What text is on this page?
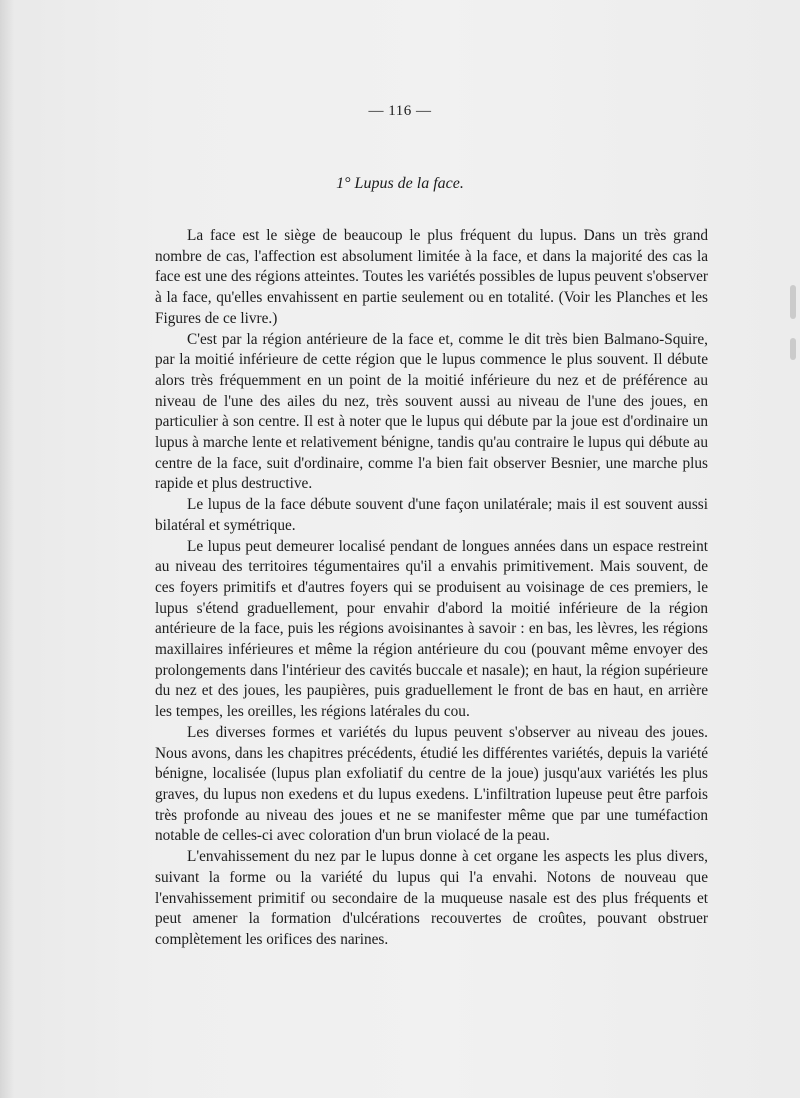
— 116 —
1° Lupus de la face.

La face est le siège de beaucoup le plus fréquent du lupus. Dans un très grand nombre de cas, l'affection est absolument limitée à la face, et dans la majorité des cas la face est une des régions atteintes. Toutes les variétés possibles de lupus peuvent s'observer à la face, qu'elles envahissent en partie seulement ou en totalité. (Voir les Planches et les Figures de ce livre.)

C'est par la région antérieure de la face et, comme le dit très bien Balmano-Squire, par la moitié inférieure de cette région que le lupus commence le plus souvent. Il débute alors très fréquemment en un point de la moitié inférieure du nez et de préférence au niveau de l'une des ailes du nez, très souvent aussi au niveau de l'une des joues, en particulier à son centre. Il est à noter que le lupus qui débute par la joue est d'ordinaire un lupus à marche lente et relativement bénigne, tandis qu'au contraire le lupus qui débute au centre de la face, suit d'ordinaire, comme l'a bien fait observer Besnier, une marche plus rapide et plus destructive.

Le lupus de la face débute souvent d'une façon unilatérale; mais il est souvent aussi bilatéral et symétrique.

Le lupus peut demeurer localisé pendant de longues années dans un espace restreint au niveau des territoires tégumentaires qu'il a envahis primitivement. Mais souvent, de ces foyers primitifs et d'autres foyers qui se produisent au voisinage de ces premiers, le lupus s'étend graduellement, pour envahir d'abord la moitié inférieure de la région antérieure de la face, puis les régions avoisinantes à savoir : en bas, les lèvres, les régions maxillaires inférieures et même la région antérieure du cou (pouvant même envoyer des prolongements dans l'intérieur des cavités buccale et nasale); en haut, la région supérieure du nez et des joues, les paupières, puis graduellement le front de bas en haut, en arrière les tempes, les oreilles, les régions latérales du cou.

Les diverses formes et variétés du lupus peuvent s'observer au niveau des joues. Nous avons, dans les chapitres précédents, étudié les différentes variétés, depuis la variété bénigne, localisée (lupus plan exfoliatif du centre de la joue) jusqu'aux variétés les plus graves, du lupus non exedens et du lupus exedens. L'infiltration lupeuse peut être parfois très profonde au niveau des joues et ne se manifester même que par une tuméfaction notable de celles-ci avec coloration d'un brun violacé de la peau.

L'envahissement du nez par le lupus donne à cet organe les aspects les plus divers, suivant la forme ou la variété du lupus qui l'a envahi. Notons de nouveau que l'envahissement primitif ou secondaire de la muqueuse nasale est des plus fréquents et peut amener la formation d'ulcérations recouvertes de croûtes, pouvant obstruer complètement les orifices des narines.
